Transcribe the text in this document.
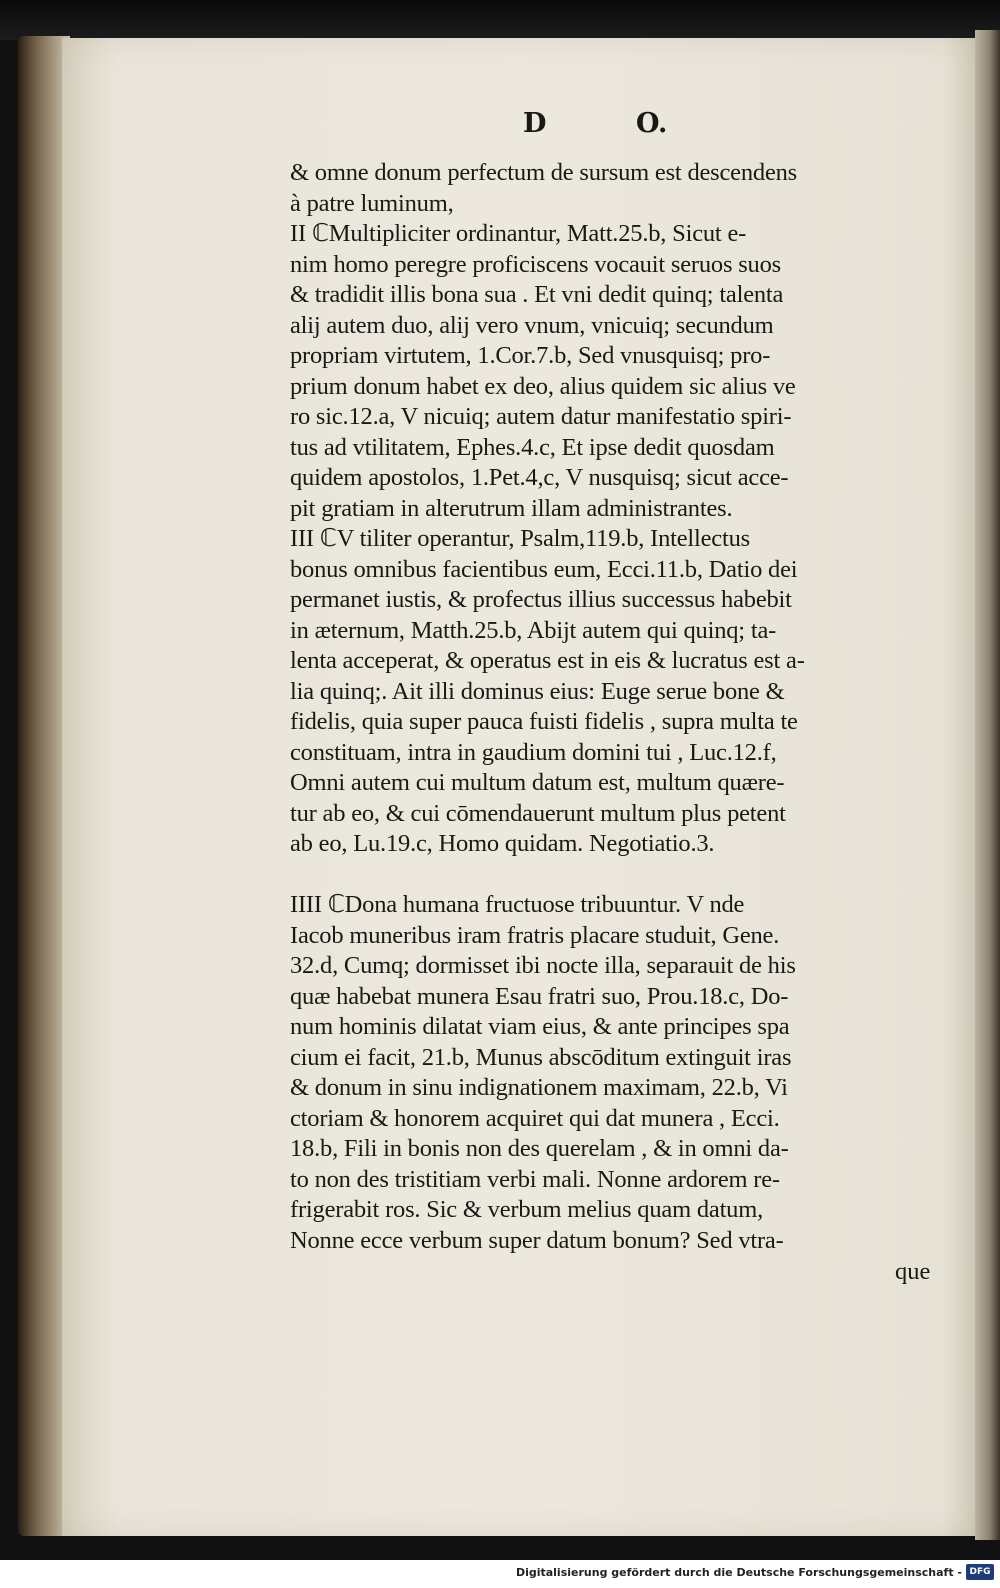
D	O.
& omne donum perfectum de sursum est descendens
à patre luminum,
II ℂMultipliciter ordinantur, Matt.25.b, Sicut e-
nim homo peregre proficiscens vocauit seruos suos
& tradidit illis bona sua . Et vni dedit quinq; talenta
alij autem duo, alij vero vnum, vnicuiq; secundum
propriam virtutem, 1.Cor.7.b, Sed vnusquisq; pro-
prium donum habet ex deo, alius quidem sic alius ve
ro sic.12.a, V nicuiq; autem datur manifestatio spiri-
tus ad vtilitatem, Ephes.4.c, Et ipse dedit quosdam
quidem apostolos, 1.Pet.4,c, V nusquisq; sicut acce-
pit gratiam in alterutrum illam administrantes.
III ℂV tiliter operantur, Psalm,119.b, Intellectus
bonus omnibus facientibus eum, Ecci.11.b, Datio dei
permanet iustis, & profectus illius successus habebit
in æternum, Matth.25.b, Abijt autem qui quinq; ta-
lenta acceperat, & operatus est in eis & lucratus est a-
lia quinq;. Ait illi dominus eius: Euge serue bone &
fidelis, quia super pauca fuisti fidelis , supra multa te
constituam, intra in gaudium domini tui , Luc.12.f,
Omni autem cui multum datum est, multum quære-
tur ab eo, & cui cōmendauerunt multum plus petent
ab eo, Lu.19.c, Homo quidam. Negotiatio.3.
IIII ℂDona humana fructuose tribuuntur. V nde
Iacob muneribus iram fratris placare studuit, Gene.
32.d, Cumq; dormisset ibi nocte illa, separauit de his
quæ habebat munera Esau fratri suo, Prou.18.c, Do-
num hominis dilatat viam eius, & ante principes spa
cium ei facit, 21.b, Munus abscōditum extinguit iras
& donum in sinu indignationem maximam, 22.b, Vi
ctoriam & honorem acquiret qui dat munera , Ecci.
18.b, Fili in bonis non des querelam , & in omni da-
to non des tristitiam verbi mali. Nonne ardorem re-
frigerabit ros. Sic & verbum melius quam datum,
Nonne ecce verbum super datum bonum? Sed vtra-
que
Digitalisierung gefördert durch die Deutsche Forschungsgemeinschaft - DFG
